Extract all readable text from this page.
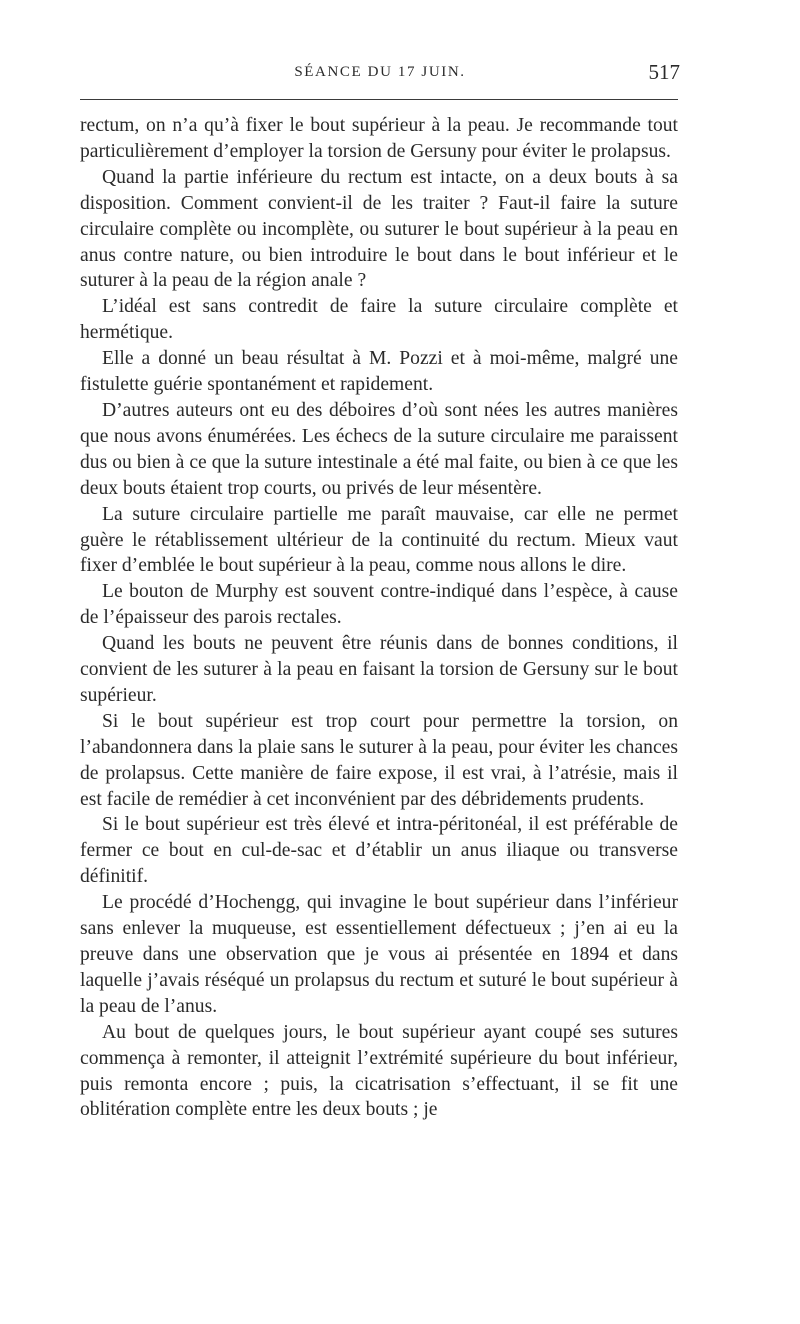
SÉANCE DU 17 JUIN.	517

rectum, on n’a qu’à fixer le bout supérieur à la peau. Je recommande tout particulièrement d’employer la torsion de Gersuny pour éviter le prolapsus.

Quand la partie inférieure du rectum est intacte, on a deux bouts à sa disposition. Comment convient-il de les traiter ? Faut-il faire la suture circulaire complète ou incomplète, ou suturer le bout supérieur à la peau en anus contre nature, ou bien introduire le bout dans le bout inférieur et le suturer à la peau de la région anale ?

L’idéal est sans contredit de faire la suture circulaire complète et hermétique.

Elle a donné un beau résultat à M. Pozzi et à moi-même, malgré une fistulette guérie spontanément et rapidement.

D’autres auteurs ont eu des déboires d’où sont nées les autres manières que nous avons énumérées. Les échecs de la suture circulaire me paraissent dus ou bien à ce que la suture intestinale a été mal faite, ou bien à ce que les deux bouts étaient trop courts, ou privés de leur mésentère.

La suture circulaire partielle me paraît mauvaise, car elle ne permet guère le rétablissement ultérieur de la continuité du rectum. Mieux vaut fixer d’emblée le bout supérieur à la peau, comme nous allons le dire.

Le bouton de Murphy est souvent contre-indiqué dans l’espèce, à cause de l’épaisseur des parois rectales.

Quand les bouts ne peuvent être réunis dans de bonnes conditions, il convient de les suturer à la peau en faisant la torsion de Gersuny sur le bout supérieur.

Si le bout supérieur est trop court pour permettre la torsion, on l’abandonnera dans la plaie sans le suturer à la peau, pour éviter les chances de prolapsus. Cette manière de faire expose, il est vrai, à l’atrésie, mais il est facile de remédier à cet inconvénient par des débridements prudents.

Si le bout supérieur est très élevé et intra-péritonéal, il est préférable de fermer ce bout en cul-de-sac et d’établir un anus iliaque ou transverse définitif.

Le procédé d’Hochengg, qui invagine le bout supérieur dans l’inférieur sans enlever la muqueuse, est essentiellement défectueux ; j’en ai eu la preuve dans une observation que je vous ai présentée en 1894 et dans laquelle j’avais réséqué un prolapsus du rectum et suturé le bout supérieur à la peau de l’anus.

Au bout de quelques jours, le bout supérieur ayant coupé ses sutures commença à remonter, il atteignit l’extrémité supérieure du bout inférieur, puis remonta encore ; puis, la cicatrisation s’effectuant, il se fit une oblitération complète entre les deux bouts ; je
